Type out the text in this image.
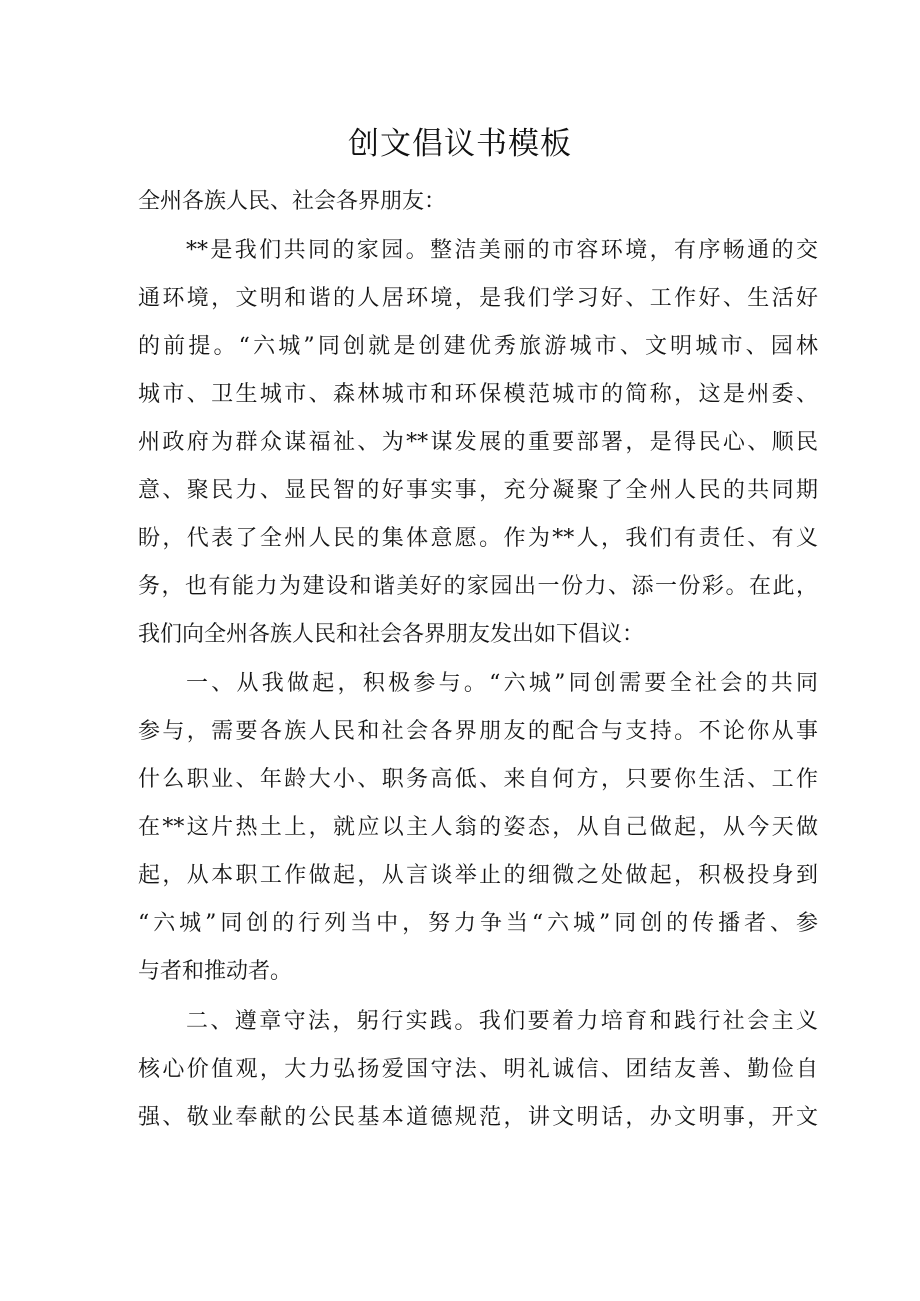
创文倡议书模板

全州各族人民、社会各界朋友：

**是我们共同的家园。整洁美丽的市容环境，有序畅通的交

通环境，文明和谐的人居环境，是我们学习好、工作好、生活好

的前提。“六城”同创就是创建优秀旅游城市、文明城市、园林

城市、卫生城市、森林城市和环保模范城市的简称，这是州委、

州政府为群众谋福祉、为**谋发展的重要部署，是得民心、顺民

意、聚民力、显民智的好事实事，充分凝聚了全州人民的共同期

盼，代表了全州人民的集体意愿。作为**人，我们有责任、有义

务，也有能力为建设和谐美好的家园出一份力、添一份彩。在此，

我们向全州各族人民和社会各界朋友发出如下倡议：

一、从我做起，积极参与。“六城”同创需要全社会的共同

参与，需要各族人民和社会各界朋友的配合与支持。不论你从事

什么职业、年龄大小、职务高低、来自何方，只要你生活、工作

在**这片热土上，就应以主人翁的姿态，从自己做起，从今天做

起，从本职工作做起，从言谈举止的细微之处做起，积极投身到

“六城”同创的行列当中，努力争当“六城”同创的传播者、参

与者和推动者。

二、遵章守法，躬行实践。我们要着力培育和践行社会主义

核心价值观，大力弘扬爱国守法、明礼诚信、团结友善、勤俭自

强、敬业奉献的公民基本道德规范，讲文明话，办文明事，开文
